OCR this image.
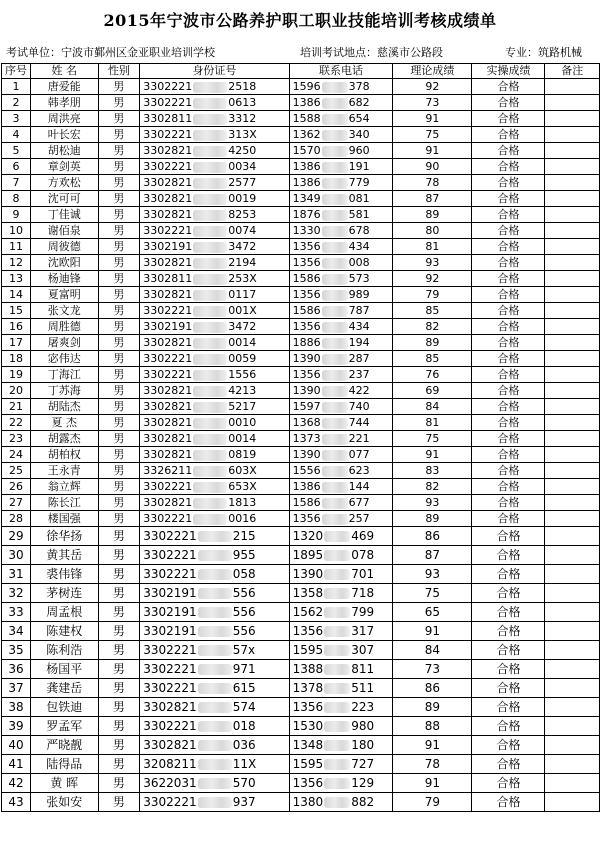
2015年宁波市公路养护职工职业技能培训考核成绩单
考试单位：宁波市鄞州区金亚职业培训学校	培训考试地点：慈溪市公路段	专业：筑路机械
序号	姓 名	性别	身份证号	联系电话	理论成绩	实操成绩	备注
1	唐爱能	男	3302221 2518	1596 378	92	合格	
2	韩孝朋	男	3302221 0613	1386 682	73	合格	
3	周洪亮	男	3302811 3312	1588 654	91	合格	
4	叶长宏	男	3302221 313X	1362 340	75	合格	
5	胡松迪	男	3302821 4250	1570 960	91	合格	
6	章剑英	男	3302221 0034	1386 191	90	合格	
7	方欢松	男	3302821 2577	1386 779	78	合格	
8	沈可可	男	3302821 0019	1349 081	87	合格	
9	丁佳诚	男	3302821 8253	1876 581	89	合格	
10	谢佰泉	男	3302221 0074	1330 678	80	合格	
11	周彼德	男	3302191 3472	1356 434	81	合格	
12	沈欧阳	男	3302821 2194	1356 008	93	合格	
13	杨迪锋	男	3302811 253X	1586 573	92	合格	
14	夏富明	男	3302821 0117	1356 989	79	合格	
15	张文龙	男	3302221 001X	1586 787	85	合格	
16	周胜德	男	3302191 3472	1356 434	82	合格	
17	屠爽剑	男	3302821 0014	1886 194	89	合格	
18	宓伟达	男	3302221 0059	1390 287	85	合格	
19	丁海江	男	3302221 1556	1356 237	76	合格	
20	丁苏海	男	3302821 4213	1390 422	69	合格	
21	胡陆杰	男	3302821 5217	1597 740	84	合格	
22	夏 杰	男	3302821 0010	1368 744	81	合格	
23	胡露杰	男	3302821 0014	1373 221	75	合格	
24	胡柏权	男	3302821 0819	1390 077	91	合格	
25	王永青	男	3326211 603X	1556 623	83	合格	
26	翁立辉	男	3302221 653X	1386 144	82	合格	
27	陈长江	男	3302821 1813	1586 677	93	合格	
28	楼国强	男	3302221 0016	1356 257	89	合格	
29	徐华扬	男	3302221 215	1320 469	86	合格	
30	黄其岳	男	3302221 955	1895 078	87	合格	
31	裘伟锋	男	3302221 058	1390 701	93	合格	
32	茅树连	男	3302191 556	1358 718	75	合格	
33	周孟根	男	3302191 556	1562 799	65	合格	
34	陈建权	男	3302191 556	1356 317	91	合格	
35	陈利浩	男	3302221 57x	1595 307	84	合格	
36	杨国平	男	3302221 971	1388 811	73	合格	
37	龚建岳	男	3302221 615	1378 511	86	合格	
38	包铁迪	男	3302821 574	1356 223	89	合格	
39	罗孟军	男	3302221 018	1530 980	88	合格	
40	严晓靓	男	3302821 036	1348 180	91	合格	
41	陆得品	男	3208211 11X	1595 727	78	合格	
42	黄 晖	男	3622031 570	1356 129	91	合格	
43	张如安	男	3302221 937	1380 882	79	合格	
